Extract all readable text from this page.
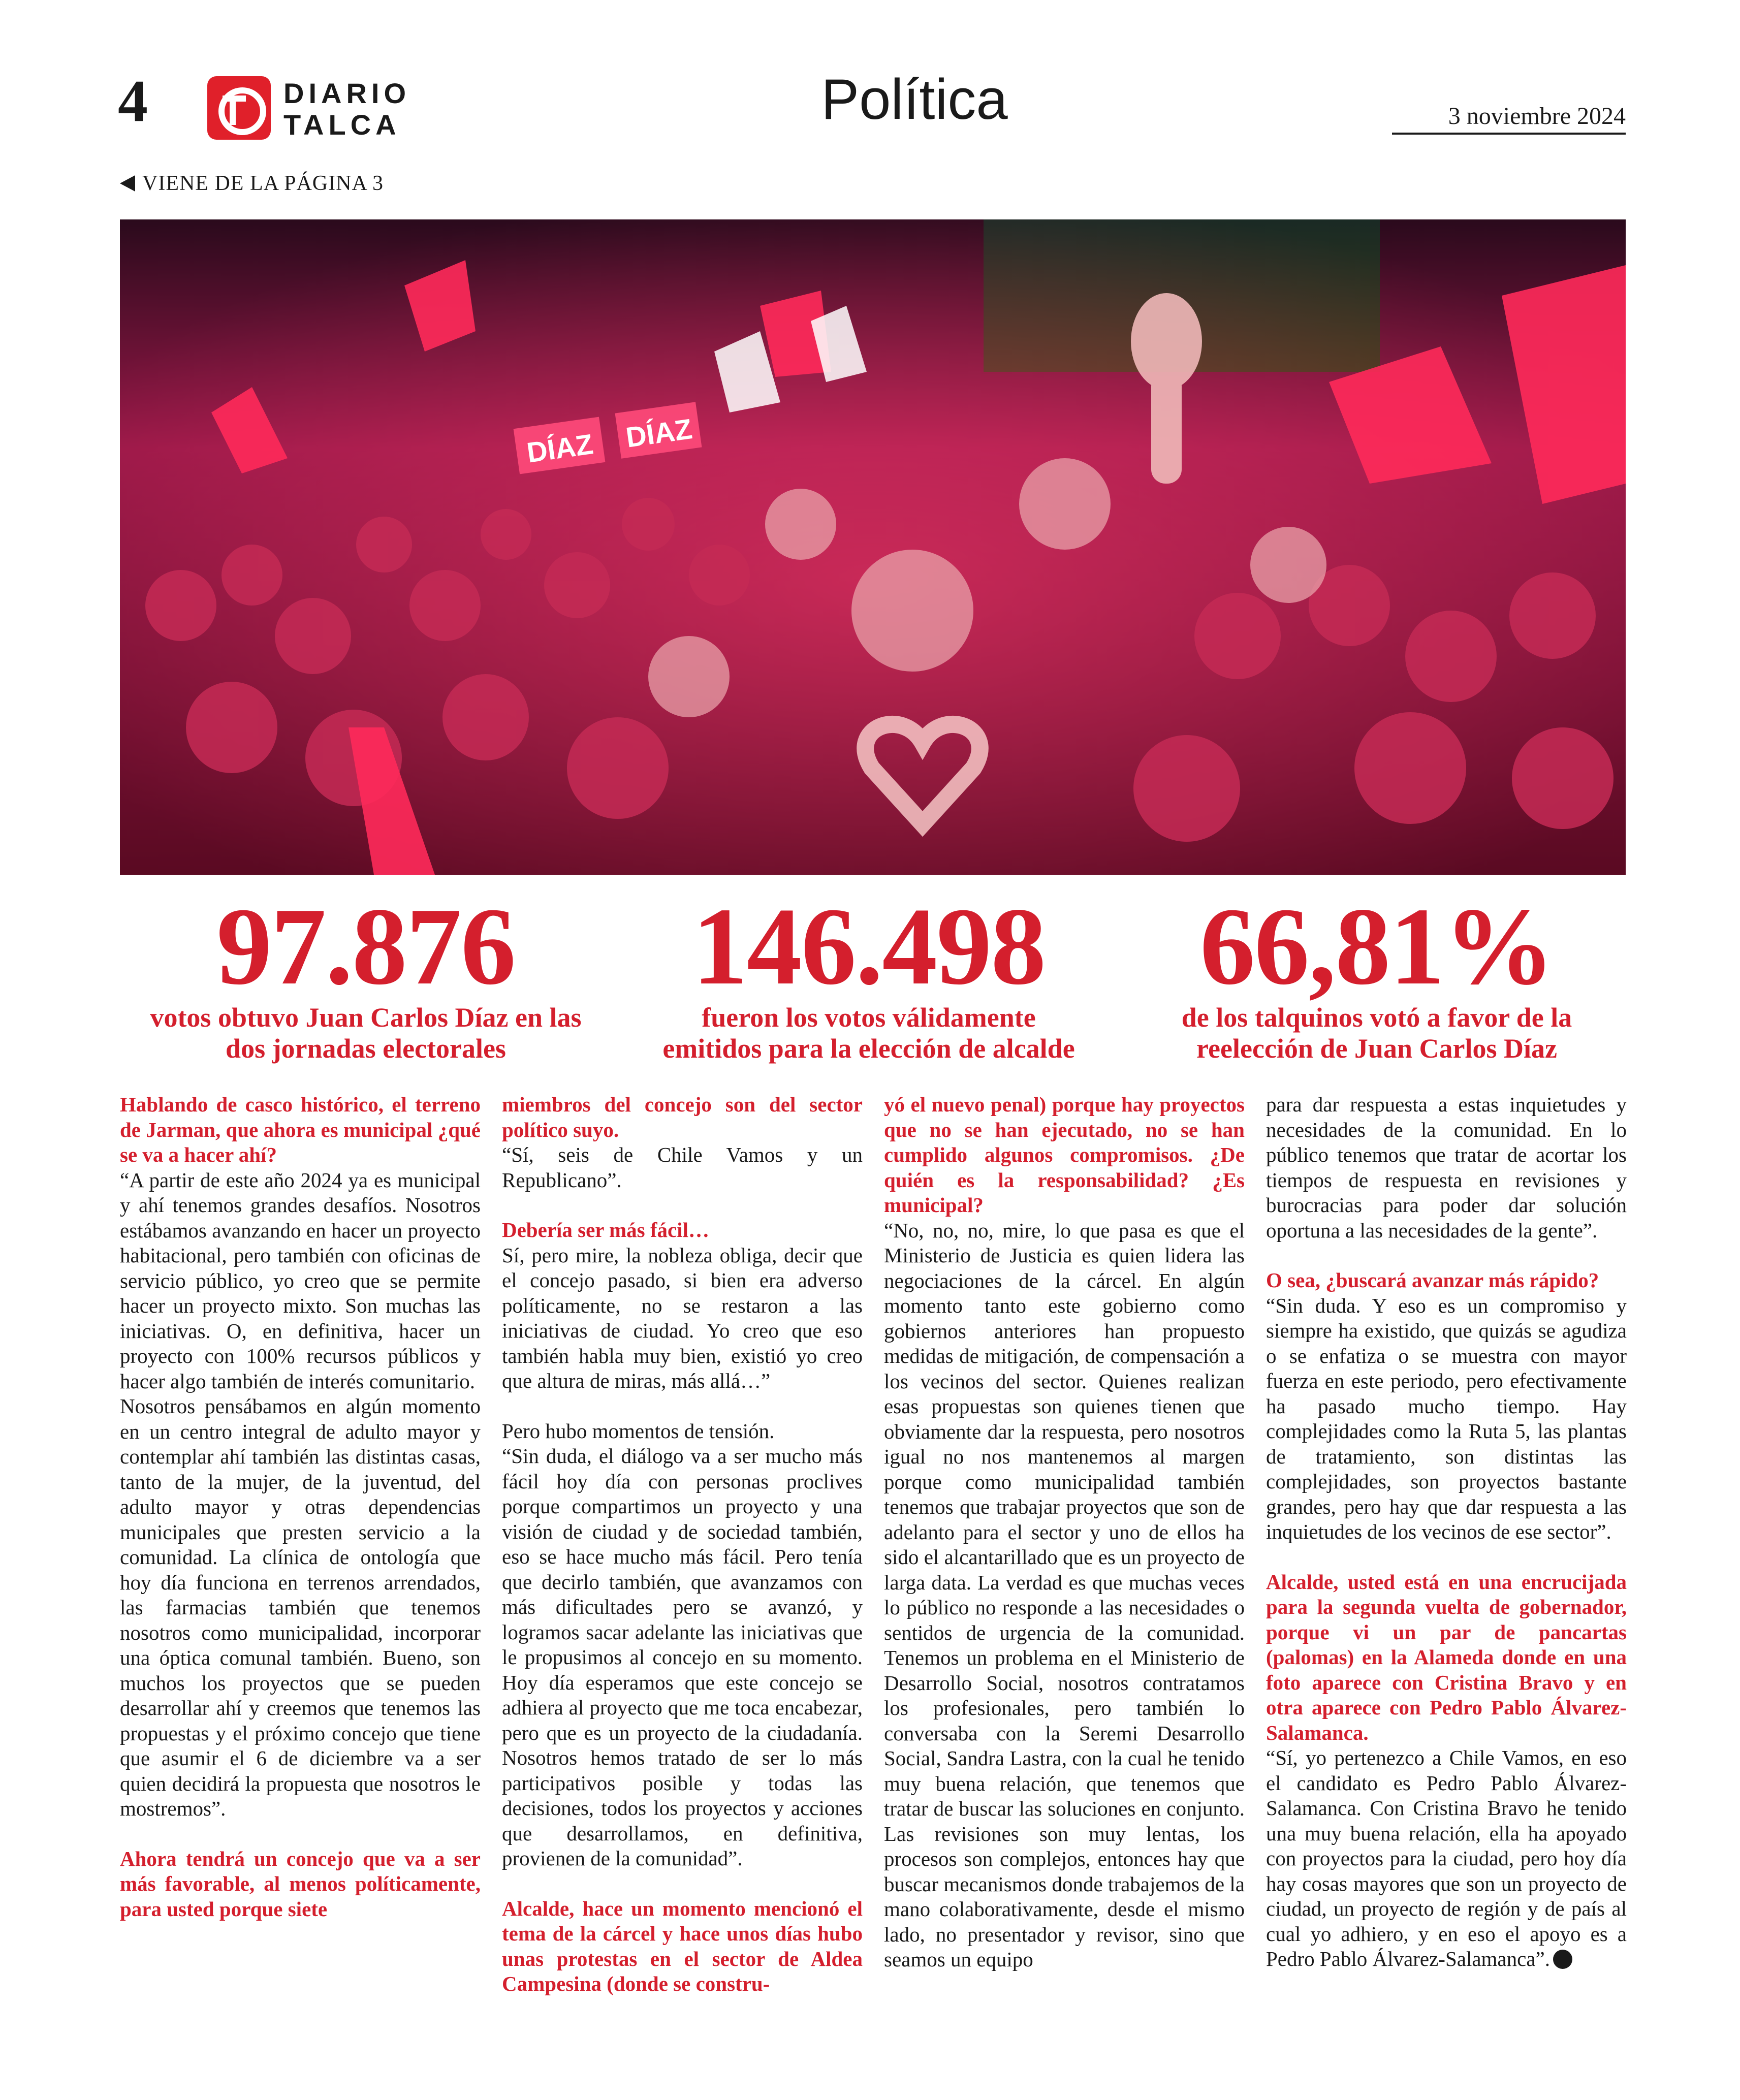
4	DIARIO
TALCA	Política	3 noviembre 2024
VIENE DE LA PÁGINA 3
DÍAZ DÍAZ
97.876
votos obtuvo Juan Carlos Díaz en las
dos jornadas electorales
146.498
fueron los votos válidamente
emitidos para la elección de alcalde
66,81%
de los talquinos votó a favor de la
reelección de Juan Carlos Díaz

Hablando de casco histórico, el terreno de Jarman, que ahora es municipal ¿qué se va a hacer ahí?

“A partir de este año 2024 ya es municipal y ahí tenemos grandes desafíos. Nosotros estábamos avanzando en hacer un proyecto habitacional, pero también con oficinas de servicio público, yo creo que se permite hacer un proyecto mixto. Son muchas las iniciativas. O, en definitiva, hacer un proyecto con 100% recursos públicos y hacer algo también de interés comunitario.

Nosotros pensábamos en algún momento en un centro integral de adulto mayor y contemplar ahí también las distintas casas, tanto de la mujer, de la juventud, del adulto mayor y otras dependencias municipales que presten servicio a la comunidad. La clínica de ontología que hoy día funciona en terrenos arrendados, las farmacias también que tenemos nosotros como municipalidad, incorporar una óptica comunal también. Bueno, son muchos los proyectos que se pueden desarrollar ahí y creemos que tenemos las propuestas y el próximo concejo que tiene que asumir el 6 de diciembre va a ser quien decidirá la propuesta que nosotros le mostremos”.

Ahora tendrá un concejo que va a ser más favorable, al menos políticamente, para usted porque siete

miembros del concejo son del sector político suyo.

“Sí, seis de Chile Vamos y un Republicano”.

Debería ser más fácil…

Sí, pero mire, la nobleza obliga, decir que el concejo pasado, si bien era adverso políticamente, no se restaron a las iniciativas de ciudad. Yo creo que eso también habla muy bien, existió yo creo que altura de miras, más allá…”

Pero hubo momentos de tensión.

“Sin duda, el diálogo va a ser mucho más fácil hoy día con personas proclives porque compartimos un proyecto y una visión de ciudad y de sociedad también, eso se hace mucho más fácil. Pero tenía que decirlo también, que avanzamos con más dificultades pero se avanzó, y logramos sacar adelante las iniciativas que le propusimos al concejo en su momento. Hoy día esperamos que este concejo se adhiera al proyecto que me toca encabezar, pero que es un proyecto de la ciudadanía. Nosotros hemos tratado de ser lo más participativos posible y todas las decisiones, todos los proyectos y acciones que desarrollamos, en definitiva, provienen de la comunidad”.

Alcalde, hace un momento mencionó el tema de la cárcel y hace unos días hubo unas protestas en el sector de Aldea Campesina (donde se constru-

yó el nuevo penal) porque hay proyectos que no se han ejecutado, no se han cumplido algunos compromisos. ¿De quién es la responsabilidad? ¿Es municipal?

“No, no, no, mire, lo que pasa es que el Ministerio de Justicia es quien lidera las negociaciones de la cárcel. En algún momento tanto este gobierno como gobiernos anteriores han propuesto medidas de mitigación, de compensación a los vecinos del sector. Quienes realizan esas propuestas son quienes tienen que obviamente dar la respuesta, pero nosotros igual no nos mantenemos al margen porque como municipalidad también tenemos que trabajar proyectos que son de adelanto para el sector y uno de ellos ha sido el alcantarillado que es un proyecto de larga data. La verdad es que muchas veces lo público no responde a las necesidades o sentidos de urgencia de la comunidad. Tenemos un problema en el Ministerio de Desarrollo Social, nosotros contratamos los profesionales, pero también lo conversaba con la Seremi Desarrollo Social, Sandra Lastra, con la cual he tenido muy buena relación, que tenemos que tratar de buscar las soluciones en conjunto. Las revisiones son muy lentas, los procesos son complejos, entonces hay que buscar mecanismos donde trabajemos de la mano colaborativamente, desde el mismo lado, no presentador y revisor, sino que seamos un equipo

para dar respuesta a estas inquietudes y necesidades de la comunidad. En lo público tenemos que tratar de acortar los tiempos de respuesta en revisiones y burocracias para poder dar solución oportuna a las necesidades de la gente”.

O sea, ¿buscará avanzar más rápido?

“Sin duda. Y eso es un compromiso y siempre ha existido, que quizás se agudiza o se enfatiza o se muestra con mayor fuerza en este periodo, pero efectivamente ha pasado mucho tiempo. Hay complejidades como la Ruta 5, las plantas de tratamiento, son distintas las complejidades, son proyectos bastante grandes, pero hay que dar respuesta a las inquietudes de los vecinos de ese sector”.

Alcalde, usted está en una encrucijada para la segunda vuelta de gobernador, porque vi un par de pancartas (palomas) en la Alameda donde en una foto aparece con Cristina Bravo y en otra aparece con Pedro Pablo Álvarez-Salamanca.

“Sí, yo pertenezco a Chile Vamos, en eso el candidato es Pedro Pablo Álvarez-Salamanca. Con Cristina Bravo he tenido una muy buena relación, ella ha apoyado con proyectos para la ciudad, pero hoy día hay cosas mayores que son un proyecto de ciudad, un proyecto de región y de país al cual yo adhiero, y en eso el apoyo es a Pedro Pablo Álvarez-Salamanca”.
